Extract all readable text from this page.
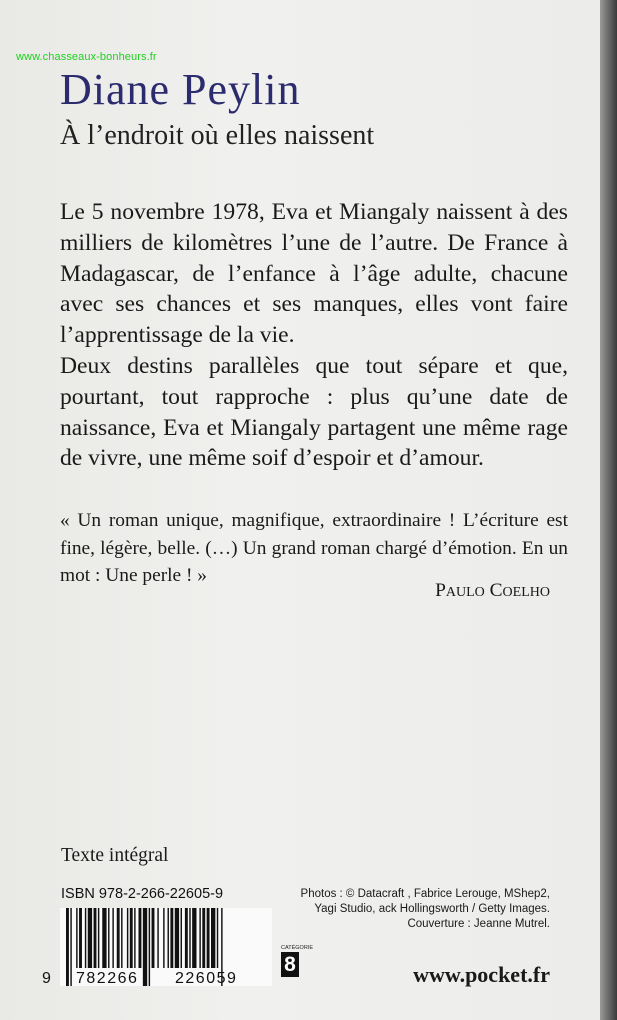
www.chasseaux-bonheurs.fr
Diane Peylin
À l’endroit où elles naissent

Le 5 novembre 1978, Eva et Miangaly naissent à des milliers de kilomètres l’une de l’autre. De France à Madagascar, de l’enfance à l’âge adulte, chacune avec ses chances et ses manques, elles vont faire l’apprentissage de la vie.

Deux destins parallèles que tout sépare et que, pourtant, tout rapproche : plus qu’une date de naissance, Eva et Miangaly partagent une même rage de vivre, une même soif d’espoir et d’amour.

« Un roman unique, magnifique, extraordinaire ! L’écriture est fine, légère, belle. (…) Un grand roman chargé d’émotion. En un mot : Une perle ! »

Paulo Coelho
Texte intégral
ISBN 978-2-266-22605-9
9 782266 226059
CATÉGORIE
8
Photos : © Datacraft , Fabrice Lerouge, MShep2,
Yagi Studio, ack Hollingsworth / Getty Images.
Couverture : Jeanne Mutrel.
www.pocket.fr
